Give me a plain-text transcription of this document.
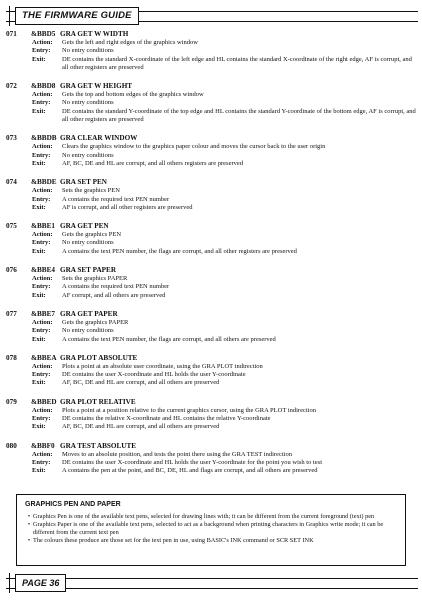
THE FIRMWARE GUIDE
071	&BBD5 GRA GET W WIDTH
Action:	Gets the left and right edges of the graphics window
Entry:	No entry conditions
Exit:	DE contains the standard X-coordinate of the left edge and HL contains the standard X-coordinate of the right edge, AF is corrupt, and all other registers are preserved
072	&BBD8 GRA GET W HEIGHT
Action:	Gets the top and bottom edges of the graphics window
Entry:	No entry conditions
Exit:	DE contains the standard Y-coordinate of the top edge and HL contains the standard Y-coordinate of the bottom edge, AF is corrupt, and all other registers are preserved
073	&BBDB GRA CLEAR WINDOW
Action:	Clears the graphics window to the graphics paper colour and moves the cursor back to the user origin
Entry:	No entry conditions
Exit:	AF, BC, DE and HL are corrupt, and all others registers are preserved
074	&BBDE GRA SET PEN
Action:	Sets the graphics PEN
Entry:	A contains the required text PEN number
Exit:	AF is corrupt, and all other registers are preserved
075	&BBE1 GRA GET PEN
Action:	Gets the graphics PEN
Entry:	No entry conditions
Exit:	A contains the text PEN number, the flags are corrupt, and all other registers are preserved
076	&BBE4 GRA SET PAPER
Action:	Sets the graphics PAPER
Entry:	A contains the required text PEN number
Exit:	AF corrupt, and all others are preserved
077	&BBE7 GRA GET PAPER
Action:	Gets the graphics PAPER
Entry:	No entry conditions
Exit:	A contains the text PEN number, the flags are corrupt, and all others are preserved
078	&BBEA GRA PLOT ABSOLUTE
Action:	Plots a point at an absolute user coordinate, using the GRA PLOT indirection
Entry:	DE contains the user X-coordinate and HL holds the user Y-coordinate
Exit:	AF, BC, DE and HL are corrupt, and all others are preserved
079	&BBED GRA PLOT RELATIVE
Action:	Plots a point at a position relative to the current graphics cursor, using the GRA PLOT indirection
Entry:	DE contains the relative X-coordinate and HL contains the relative Y-coordinate
Exit:	AF, BC, DE and HL are corrupt, and all others are preserved
080	&BBF0 GRA TEST ABSOLUTE
Action:	Moves to an absolute position, and tests the point there using the GRA TEST indirection
Entry:	DE contains the user X-coordinate and HL holds the user Y-coordinate for the point you wish to test
Exit:	A contains the pen at the point, and BC, DE, HL and flags are corrupt, and all others are preserved
GRAPHICS PEN AND PAPER
• Graphics Pen is one of the available text pens, selected for drawing lines with; it can be different from the current foreground (text) pen
• Graphics Paper is one of the available text pens, selected to act as a background when printing characters in Graphics write mode; it can be different from the current text pen
• The colours these produce are those set for the text pen in use, using BASIC's INK command or SCR SET INK
PAGE 36
